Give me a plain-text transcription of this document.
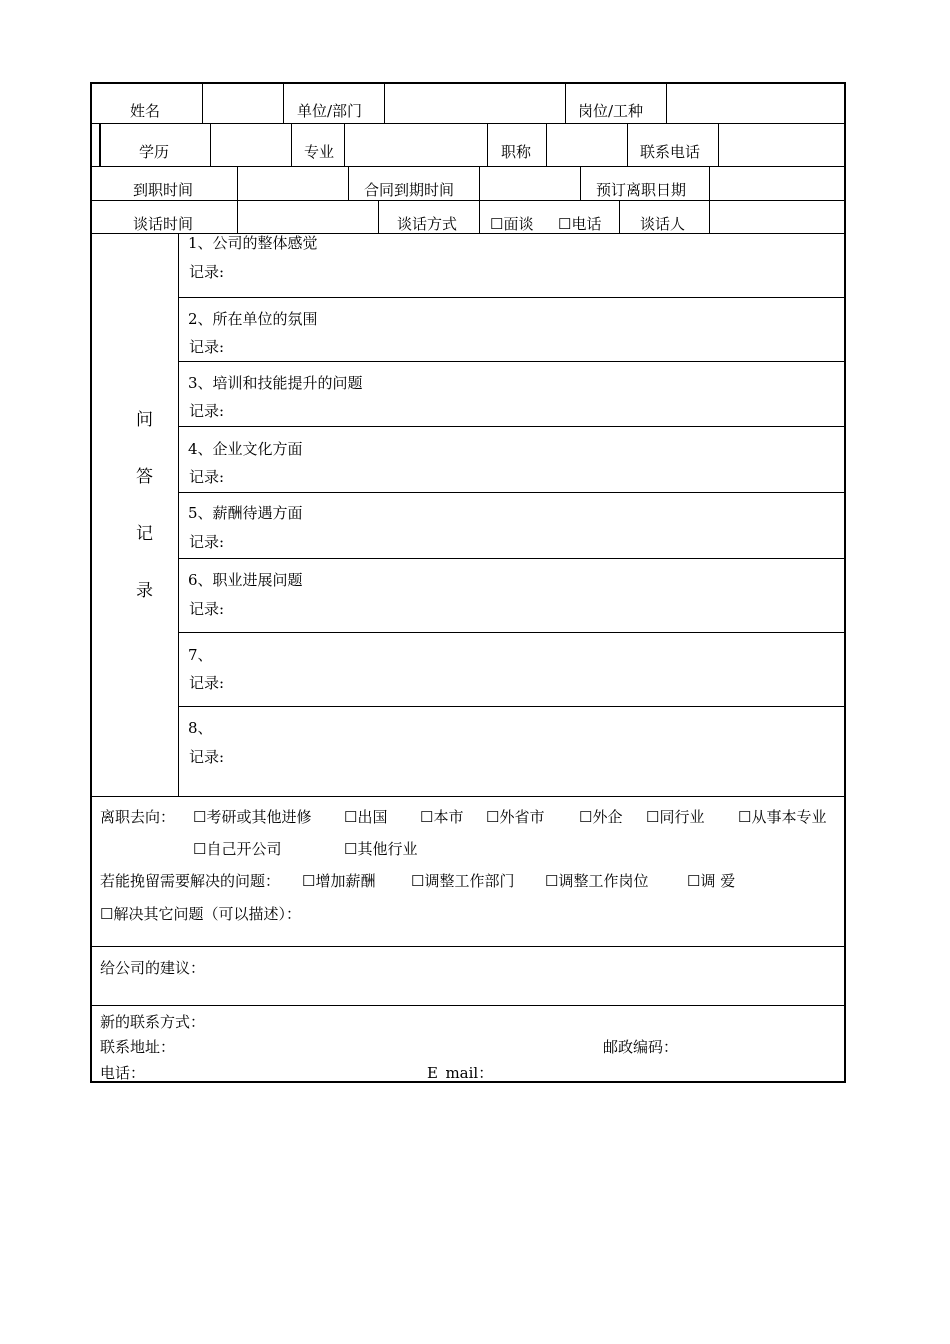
姓名	单位/部门	岗位/工种
学历	专业	职称	联系电话
到职时间	合同到期时间	预订离职日期
谈话时间	谈话方式 ☐面谈 ☐电话	谈话人
问
答
记
录
1、公司的整体感觉
记录:
2、所在单位的氛围
记录:
3、培训和技能提升的问题
记录:
4、企业文化方面
记录:
5、薪酬待遇方面
记录:
6、职业进展问题
记录:
7、
记录:
8、
记录:
离职去向： ☐考研或其他进修 ☐出国 ☐本市 ☐外省市 ☐外企 ☐同行业 ☐从事本专业
☐自己开公司	☐其他行业
若能挽留需要解决的问题： ☐增加薪酬 ☐调整工作部门 ☐调整工作岗位	☐调 爱
☐解决其它问题（可以描述）：
给公司的建议：
新的联系方式：
联系地址：	邮政编码：
电话：	E_mail：
